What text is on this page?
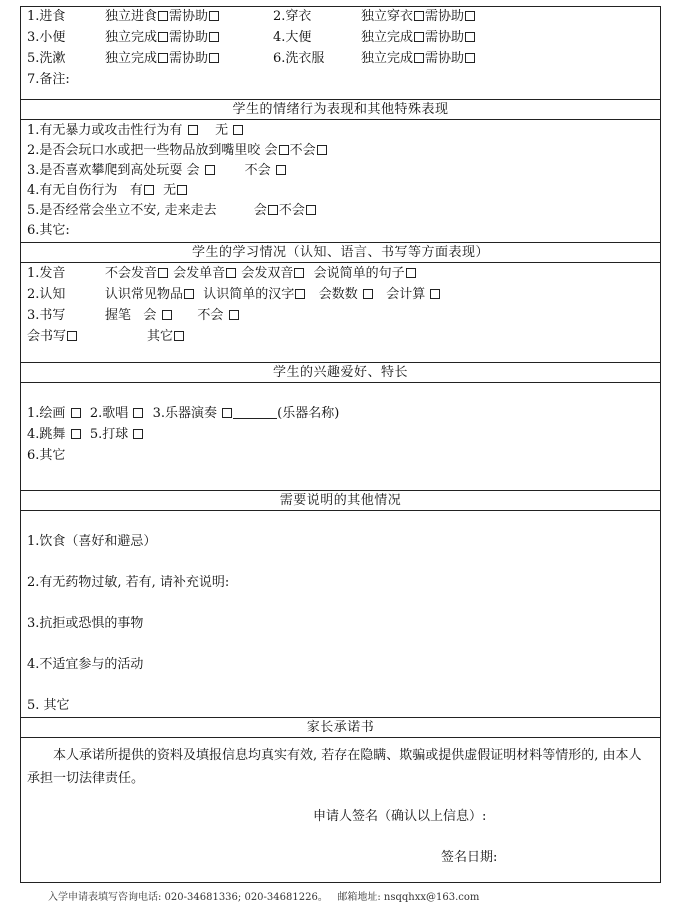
1.进食	独立进食 需协助	2.穿衣	独立穿衣 需协助
3.小便	独立完成 需协助	4.大便	独立完成 需协助
5.洗漱	独立完成 需协助	6.洗衣服	独立完成 需协助
7.备注:
学生的情绪行为表现和其他特殊表现
1.有无暴力或攻击性行为有	无
2.是否会玩口水或把一些物品放到嘴里咬 会 不会
3.是否喜欢攀爬到高处玩耍 会	不会
4.有无自伤行为 有 无
5.是否经常会坐立不安, 走来走去	会 不会
6.其它:
学生的学习情况（认知、语言、书写等方面表现）
1.发音	不会发音 会发单音 会发双音 会说简单的句子
2.认知	认识常见物品 认识简单的汉字 会数数 会计算
3.书写	握笔 会	不会
会书写	其它
学生的兴趣爱好、特长
1.绘画 2.歌唱 3.乐器演奏	(乐器名称)
4.跳舞 5.打球
6.其它
需要说明的其他情况
1.饮食（喜好和避忌）
2.有无药物过敏, 若有, 请补充说明:
3.抗拒或恐惧的事物
4.不适宜参与的活动
5. 其它
家长承诺书
本人承诺所提供的资料及填报信息均真实有效, 若存在隐瞒、欺骗或提供虚假证明材料等情形的, 由本人承担一切法律责任。
申请人签名（确认以上信息）:
签名日期:
入学申请表填写咨询电话: 020-34681336; 020-34681226。   邮箱地址: nsqqhxx@163.com
